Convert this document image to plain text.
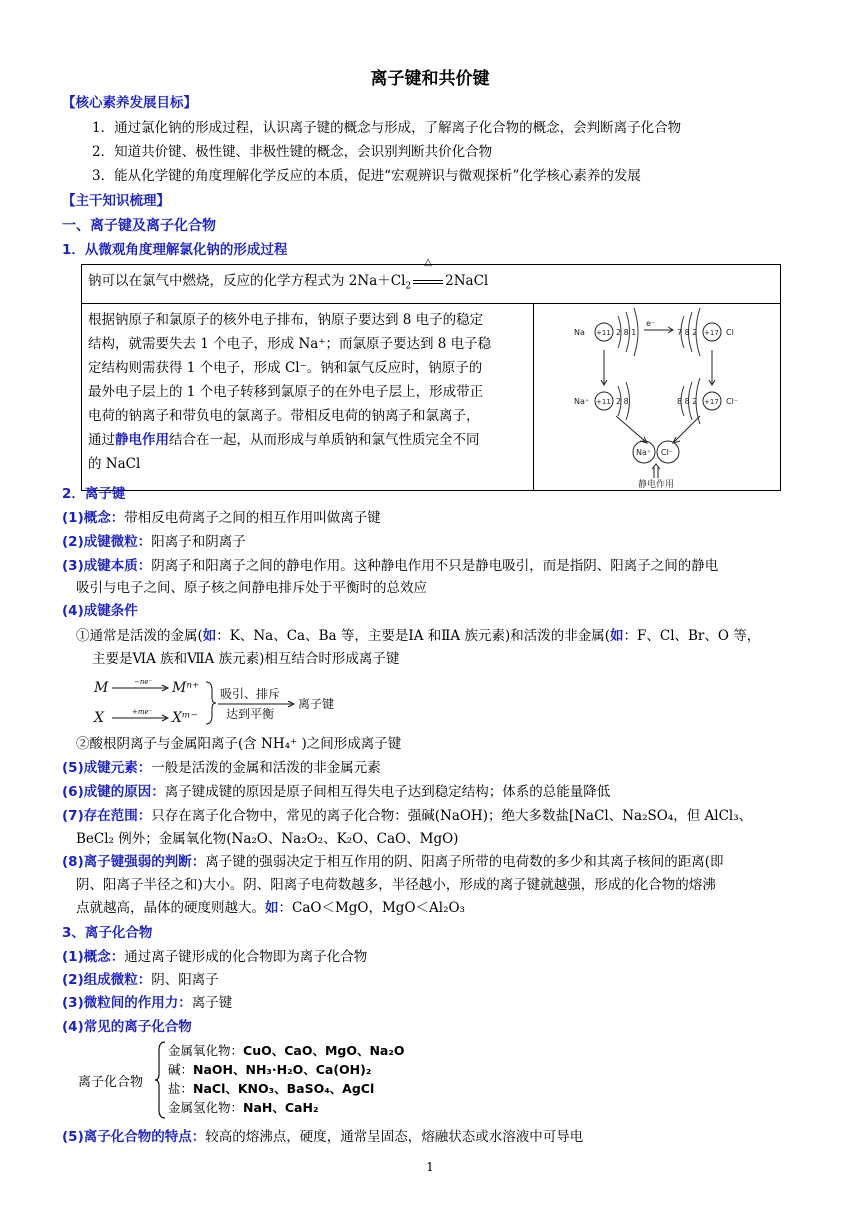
离子键和共价键
【核心素养发展目标】
1．通过氯化钠的形成过程，认识离子键的概念与形成，了解离子化合物的概念，会判断离子化合物
2．知道共价键、极性键、非极性键的概念，会识别判断共价化合物
3．能从化学键的角度理解化学反应的本质，促进“宏观辨识与微观探析”化学核心素养的发展
【主干知识梳理】
一、离子键及离子化合物
1．从微观角度理解氯化钠的形成过程
钠可以在氯气中燃烧，反应的化学方程式为 $2Na+Cl_2$
△
2NaCl

根据钠原子和氯原子的核外电子排布，钠原子要达到 8 电子的稳定
结构，就需要失去 1 个电子，形成 Na⁺；而氯原子要达到 8 电子稳
定结构则需获得 1 个电子，形成 Cl⁻。钠和氯气反应时，钠原子的
最外电子层上的 1 个电子转移到氯原子的在外电子层上，形成带正
电荷的钠离子和带负电的氯离子。带相反电荷的钠离子和氯离子，
通过静电作用结合在一起，从而形成与单质钠和氯气性质完全不同
的 NaCl

Na +11 2 8 1
e⁻
7 8 2 +17 Cl
Na⁺ +11 2 8	8 8 2 +17 Cl⁻
Na⁺ Cl⁻
静电作用
2．离子键
(1)概念：带相反电荷离子之间的相互作用叫做离子键
(2)成键微粒：阳离子和阴离子
(3)成键本质：阴离子和阳离子之间的静电作用。这种静电作用不只是静电吸引，而是指阴、阳离子之间的静电
吸引与电子之间、原子核之间静电排斥处于平衡时的总效应
(4)成键条件
①通常是活泼的金属(如：K、Na、Ca、Ba 等，主要是ⅠA 和ⅡA 族元素)和活泼的非金属(如：F、Cl、Br、O 等，
主要是ⅥA 族和ⅦA 族元素)相互结合时形成离子键
M	−ne⁻ Mⁿ⁺
X	+me⁻ Xᵐ⁻
吸引、排斥
达到平衡
离子键
②酸根阴离子与金属阳离子(含 NH₄⁺ )之间形成离子键
(5)成键元素：一般是活泼的金属和活泼的非金属元素
(6)成键的原因：离子键成键的原因是原子间相互得失电子达到稳定结构；体系的总能量降低
(7)存在范围：只存在离子化合物中，常见的离子化合物：强碱(NaOH)；绝大多数盐[NaCl、Na₂SO₄，但 AlCl₃、
BeCl₂ 例外；金属氧化物(Na₂O、Na₂O₂、K₂O、CaO、MgO)
(8)离子键强弱的判断：离子键的强弱决定于相互作用的阴、阳离子所带的电荷数的多少和其离子核间的距离(即
阴、阳离子半径之和)大小。阴、阳离子电荷数越多，半径越小，形成的离子键就越强，形成的化合物的熔沸
点就越高，晶体的硬度则越大。如：CaO＜MgO，MgO＜Al₂O₃
3、离子化合物
(1)概念：通过离子键形成的化合物即为离子化合物
(2)组成微粒：阴、阳离子
(3)微粒间的作用力：离子键
(4)常见的离子化合物
离子化合物
金属氧化物：CuO、CaO、MgO、Na₂O
碱：NaOH、NH₃·H₂O、Ca(OH)₂
盐：NaCl、KNO₃、BaSO₄、AgCl
金属氢化物：NaH、CaH₂
(5)离子化合物的特点：较高的熔沸点，硬度，通常呈固态，熔融状态或水溶液中可导电
1
